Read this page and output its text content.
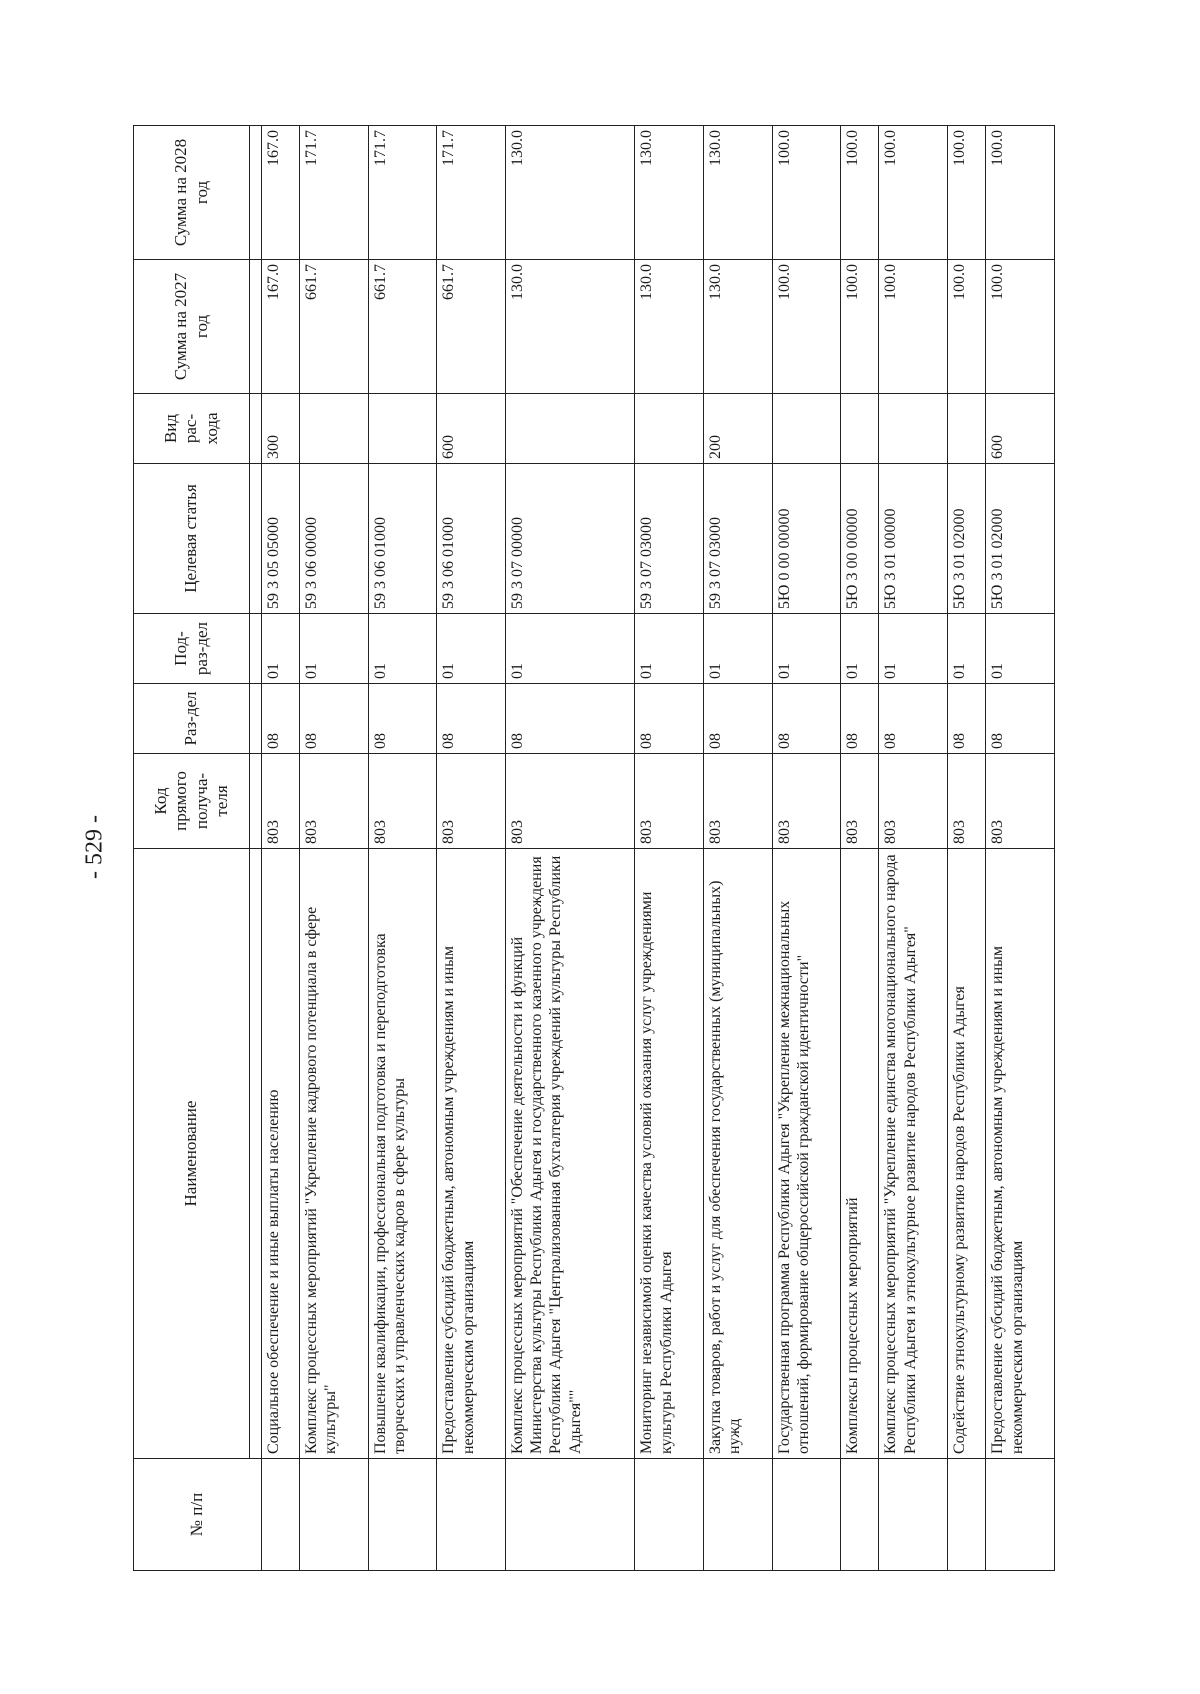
- 529 -
№ п/п	Наименование	Код прямого получа-теля	Раз-дел	Под-раз-дел	Целевая статья	Вид рас-хода	Сумма на 2027 год	Сумма на 2028 год

	Социальное обеспечение и иные выплаты населению	803	08	01	59 3 05 05000	300	167.0	167.0
	Комплекс процессных мероприятий "Укрепление кадрового потенциала в сфере культуры"	803	08	01	59 3 06 00000		661.7	171.7
	Повышение квалификации, профессиональная подготовка и переподготовка творческих и управленческих кадров в сфере культуры	803	08	01	59 3 06 01000		661.7	171.7
	Предоставление субсидий бюджетным, автономным учреждениям и иным некоммерческим организациям	803	08	01	59 3 06 01000	600	661.7	171.7
	Комплекс процессных мероприятий "Обеспечение деятельности и функций Министерства культуры Республики Адыгея и государственного казенного учреждения Республики Адыгея "Централизованная бухгалтерия учреждений культуры Республики Адыгея""	803	08	01	59 3 07 00000		130.0	130.0
	Мониторинг независимой оценки качества условий оказания услуг учреждениями культуры Республики Адыгея	803	08	01	59 3 07 03000		130.0	130.0
	Закупка товаров, работ и услуг для обеспечения государственных (муниципальных) нужд	803	08	01	59 3 07 03000	200	130.0	130.0
	Государственная программа Республики Адыгея "Укрепление межнациональных отношений, формирование общероссийской гражданской идентичности"	803	08	01	5Ю 0 00 00000		100.0	100.0
	Комплексы процессных мероприятий	803	08	01	5Ю 3 00 00000		100.0	100.0
	Комплекс процессных мероприятий "Укрепление единства многонационального народа Республики Адыгея и этнокультурное развитие народов Республики Адыгея"	803	08	01	5Ю 3 01 00000		100.0	100.0
	Содействие этнокультурному развитию народов Республики Адыгея	803	08	01	5Ю 3 01 02000		100.0	100.0
	Предоставление субсидий бюджетным, автономным учреждениям и иным некоммерческим организациям	803	08	01	5Ю 3 01 02000	600	100.0	100.0
